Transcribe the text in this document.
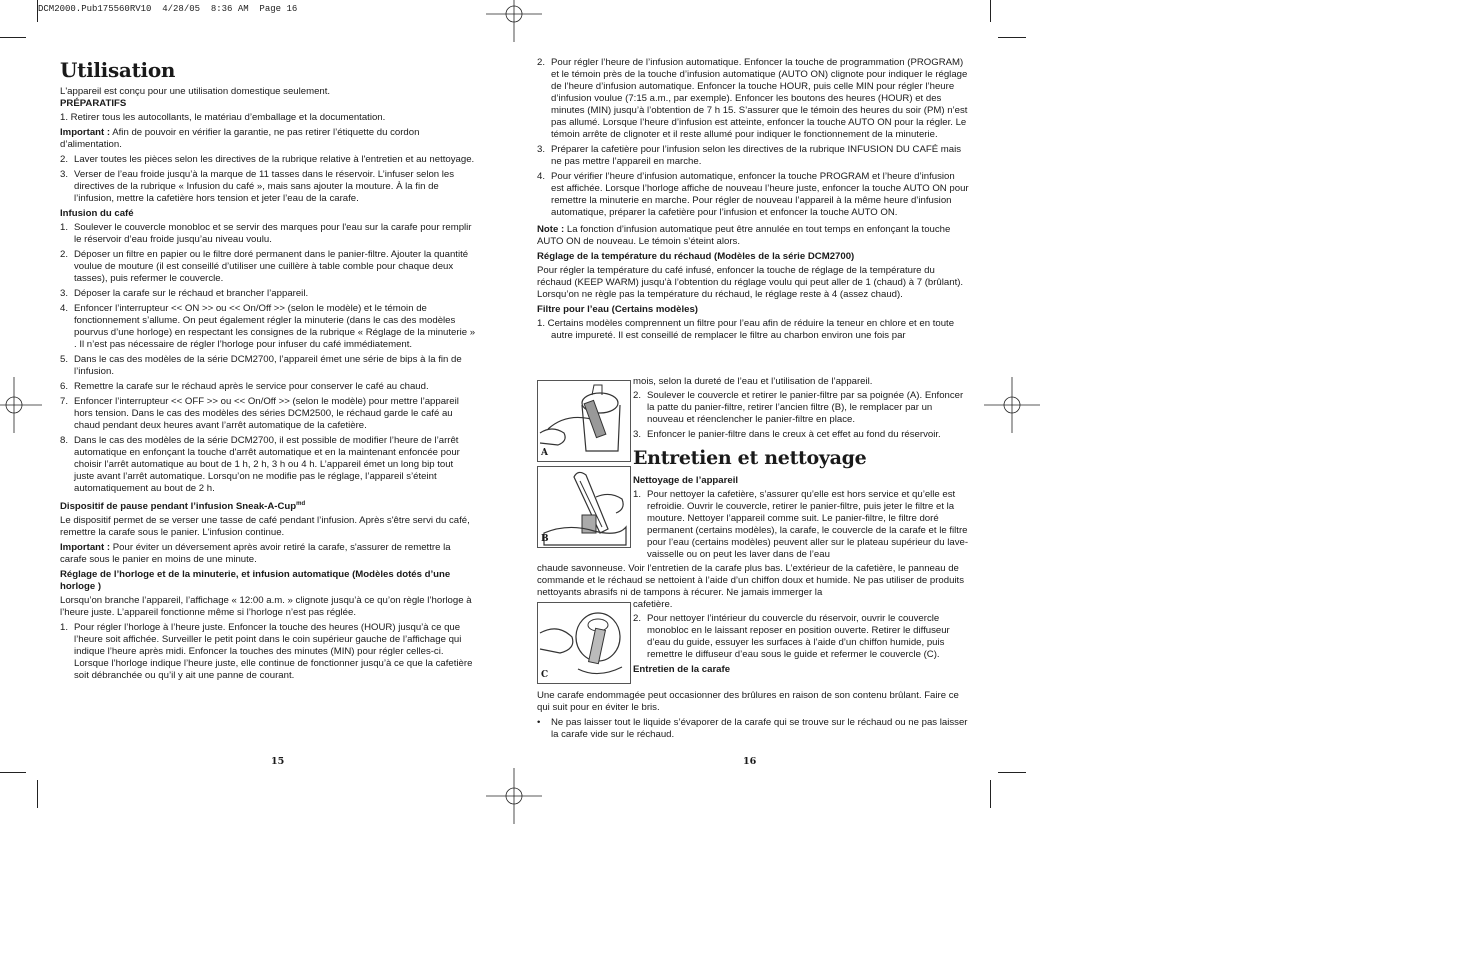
DCM2000.Pub175560RV10  4/28/05  8:36 AM  Page 16
Utilisation

L'appareil est conçu pour une utilisation domestique seulement.

PRÉPARATIFS

1. Retirer tous les autocollants, le matériau d’emballage et la documentation.

Important : Afin de pouvoir en vérifier la garantie, ne pas retirer l’étiquette du cordon d’alimentation.

2. Laver toutes les pièces selon les directives de la rubrique relative à l'entretien et au nettoyage.
3. Verser de l’eau froide jusqu’à la marque de 11 tasses dans le réservoir. L’infuser selon les directives de la rubrique « Infusion du café », mais sans ajouter la mouture. À la fin de l’infusion, mettre la cafetière hors tension et jeter l’eau de la carafe.

Infusion du café

1. Soulever le couvercle monobloc et se servir des marques pour l'eau sur la carafe pour remplir le réservoir d’eau froide jusqu’au niveau voulu.
2. Déposer un filtre en papier ou le filtre doré permanent dans le panier-filtre. Ajouter la quantité voulue de mouture (il est conseillé d’utiliser une cuillère à table comble pour chaque deux tasses), puis refermer le couvercle.
3. Déposer la carafe sur le réchaud et brancher l’appareil.
4. Enfoncer l’interrupteur << ON >> ou << On/Off >> (selon le modèle) et le témoin de fonctionnement s’allume. On peut également régler la minuterie (dans le cas des modèles pourvus d’une horloge) en respectant les consignes de la rubrique « Réglage de la minuterie » . Il n’est pas nécessaire de régler l’horloge pour infuser du café immédiatement.
5. Dans le cas des modèles de la série DCM2700, l’appareil émet une série de bips à la fin de l’infusion.
6. Remettre la carafe sur le réchaud après le service pour conserver le café au chaud.
7. Enfoncer l’interrupteur << OFF >> ou << On/Off >> (selon le modèle) pour mettre l’appareil hors tension. Dans le cas des modèles des séries DCM2500, le réchaud garde le café au chaud pendant deux heures avant l’arrêt automatique de la cafetière.
8. Dans le cas des modèles de la série DCM2700, il est possible de modifier l’heure de l’arrêt automatique en enfonçant la touche d'arrêt automatique et en la maintenant enfoncée pour choisir l’arrêt automatique au bout de 1 h, 2 h, 3 h ou 4 h. L’appareil émet un long bip tout juste avant l’arrêt automatique. Lorsqu’on ne modifie pas le réglage, l’appareil s’éteint automatiquement au bout de 2 h.

Dispositif de pause pendant l’infusion Sneak-A-Cup$^{md}$

Le dispositif permet de se verser une tasse de café pendant l’infusion. Après s'être servi du café, remettre la carafe sous le panier. L'infusion continue.

Important : Pour éviter un déversement après avoir retiré la carafe, s'assurer de remettre la carafe sous le panier en moins de une minute.

Réglage de l’horloge et de la minuterie, et infusion automatique (Modèles dotés d’une horloge )

Lorsqu’on branche l’appareil, l’affichage « 12:00 a.m. » clignote jusqu’à ce qu’on règle l’horloge à l’heure juste. L’appareil fonctionne même si l’horloge n’est pas réglée.

1. Pour régler l’horloge à l’heure juste. Enfoncer la touche des heures (HOUR) jusqu’à ce que l’heure soit affichée. Surveiller le petit point dans le coin supérieur gauche de l’affichage qui indique l’heure après midi. Enfoncer la touches des minutes (MIN) pour régler celles-ci. Lorsque l’horloge indique l’heure juste, elle continue de fonctionner jusqu’à ce que la cafetière soit débranchée ou qu’il y ait une panne de courant.
15
2. Pour régler l’heure de l’infusion automatique. Enfoncer la touche de programmation (PROGRAM) et le témoin près de la touche d’infusion automatique (AUTO ON) clignote pour indiquer le réglage de l’heure d’infusion automatique. Enfoncer la touche HOUR, puis celle MIN pour régler l’heure d’infusion voulue (7:15 a.m., par exemple). Enfoncer les boutons des heures (HOUR) et des minutes (MIN) jusqu’à l’obtention de 7 h 15. S’assurer que le témoin des heures du soir (PM) n’est pas allumé. Lorsque l’heure d’infusion est atteinte, enfoncer la touche AUTO ON pour la régler. Le témoin arrête de clignoter et il reste allumé pour indiquer le fonctionnement de la minuterie.
3. Préparer la cafetière pour l’infusion selon les directives de la rubrique INFUSION DU CAFÉ mais ne pas mettre l’appareil en marche.
4. Pour vérifier l’heure d’infusion automatique, enfoncer la touche PROGRAM et l’heure d’infusion est affichée. Lorsque l’horloge affiche de nouveau l’heure juste, enfoncer la touche AUTO ON pour remettre la minuterie en marche. Pour régler de nouveau l’appareil à la même heure d’infusion automatique, préparer la cafetière pour l’infusion et enfoncer la touche AUTO ON.

Note : La fonction d’infusion automatique peut être annulée en tout temps en enfonçant la touche AUTO ON de nouveau. Le témoin s’éteint alors.

Réglage de la température du réchaud (Modèles de la série DCM2700)

Pour régler la température du café infusé, enfoncer la touche de réglage de la température du réchaud (KEEP WARM) jusqu’à l’obtention du réglage voulu qui peut aller de 1 (chaud) à 7 (brûlant). Lorsqu’on ne règle pas la température du réchaud, le réglage reste à 4 (assez chaud).

Filtre pour l’eau (Certains modèles)

1. Certains modèles comprennent un filtre pour l’eau afin de réduire la teneur en chlore et en toute autre impureté. Il est conseillé de remplacer le filtre au charbon environ une fois par

A
B
C

mois, selon la dureté de l’eau et l’utilisation de l’appareil.

2. Soulever le couvercle et retirer le panier-filtre par sa poignée (A). Enfoncer la patte du panier-filtre, retirer l’ancien filtre (B), le remplacer par un nouveau et réenclencher le panier-filtre en place.
3. Enfoncer le panier-filtre dans le creux à cet effet au fond du réservoir.
Entretien et nettoyage

Nettoyage de l’appareil

1. Pour nettoyer la cafetière, s’assurer qu’elle est hors service et qu’elle est refroidie. Ouvrir le couvercle, retirer le panier-filtre, puis jeter le filtre et la mouture. Nettoyer l’appareil comme suit. Le panier-filtre, le filtre doré permanent (certains modèles), la carafe, le couvercle de la carafe et le filtre pour l’eau (certains modèles) peuvent aller sur le plateau supérieur du lave-vaisselle ou on peut les laver dans de l’eau

chaude savonneuse. Voir l’entretien de la carafe plus bas. L’extérieur de la cafetière, le panneau de commande et le réchaud se nettoient à l’aide d’un chiffon doux et humide. Ne pas utiliser de produits nettoyants abrasifs ni de tampons à récurer. Ne jamais immerger la

cafetière.

2. Pour nettoyer l’intérieur du couvercle du réservoir, ouvrir le couvercle monobloc en le laissant reposer en position ouverte. Retirer le diffuseur d’eau du guide, essuyer les surfaces à l’aide d’un chiffon humide, puis remettre le diffuseur d’eau sous le guide et refermer le couvercle (C).

Entretien de la carafe

Une carafe endommagée peut occasionner des brûlures en raison de son contenu brûlant. Faire ce qui suit pour en éviter le bris.

• Ne pas laisser tout le liquide s’évaporer de la carafe qui se trouve sur le réchaud ou ne pas laisser la carafe vide sur le réchaud.
16
